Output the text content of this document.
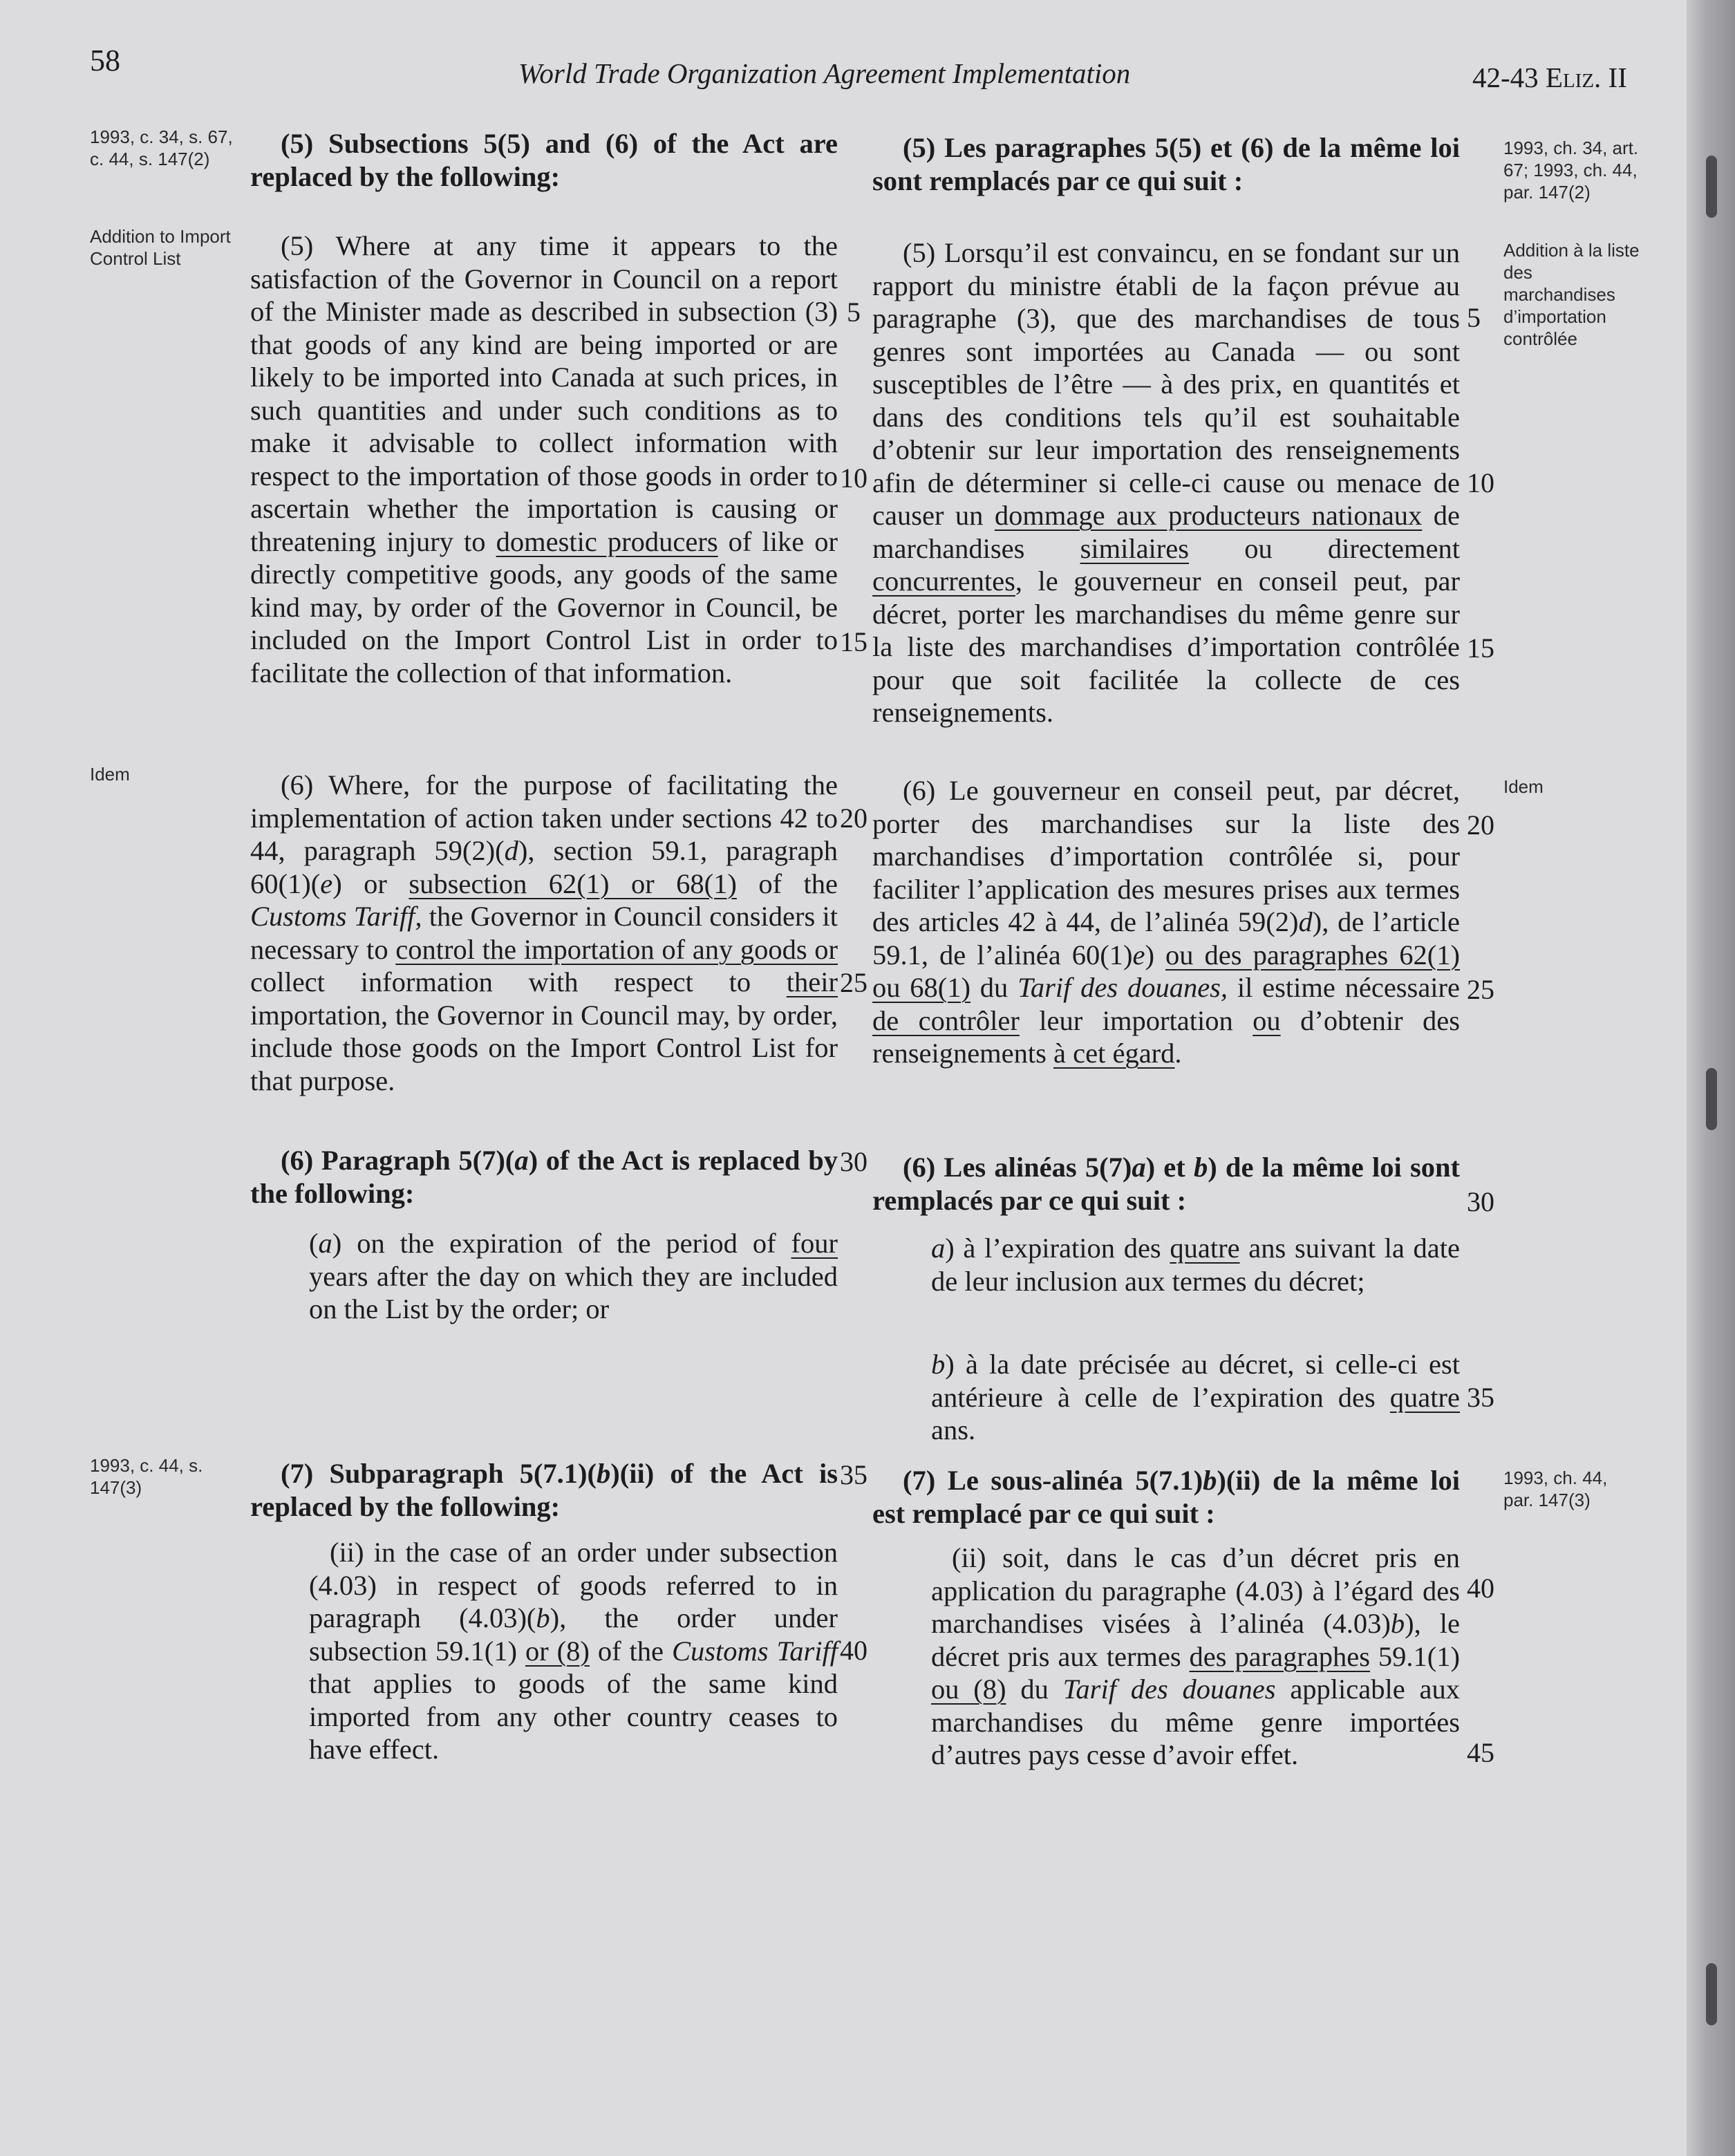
58	World Trade Organization Agreement Implementation	42-43 Eliz. II
1993, c. 34, s. 67, c. 44, s. 147(2)
Addition to Import Control List
Idem
1993, c. 44, s. 147(3)
1993, ch. 34, art. 67; 1993, ch. 44, par. 147(2)
Addition à la liste des marchandises d’importation contrôlée
Idem
1993, ch. 44, par. 147(3)

(5) Subsections 5(5) and (6) of the Act are replaced by the following:

(5) Where at any time it appears to the satisfaction of the Governor in Council on a report of the Minister made as described in subsection (3) that goods of any kind are being imported or are likely to be imported into Canada at such prices, in such quantities and under such conditions as to make it advisable to collect information with respect to the importation of those goods in order to ascertain whether the importation is causing or threatening injury to domestic producers of like or directly competitive goods, any goods of the same kind may, by order of the Governor in Council, be included on the Import Control List in order to facilitate the collection of that information.

(6) Where, for the purpose of facilitating the implementation of action taken under sections 42 to 44, paragraph 59(2)(d), section 59.1, paragraph 60(1)(e) or subsection 62(1) or 68(1) of the Customs Tariff, the Governor in Council considers it necessary to control the importation of any goods or collect information with respect to their importation, the Governor in Council may, by order, include those goods on the Import Control List for that purpose.

(6) Paragraph 5(7)(a) of the Act is replaced by the following:

(a) on the expiration of the period of four years after the day on which they are included on the List by the order; or

(7) Subparagraph 5(7.1)(b)(ii) of the Act is replaced by the following:

(ii) in the case of an order under subsection (4.03) in respect of goods referred to in paragraph (4.03)(b), the order under subsection 59.1(1) or (8) of the Customs Tariff that applies to goods of the same kind imported from any other country ceases to have effect.

(5) Les paragraphes 5(5) et (6) de la même loi sont remplacés par ce qui suit :

(5) Lorsqu’il est convaincu, en se fondant sur un rapport du ministre établi de la façon prévue au paragraphe (3), que des marchandises de tous genres sont importées au Canada — ou sont susceptibles de l’être — à des prix, en quantités et dans des conditions tels qu’il est souhaitable d’obtenir sur leur importation des renseignements afin de déterminer si celle-ci cause ou menace de causer un dommage aux producteurs nationaux de marchandises similaires ou directement concurrentes, le gouverneur en conseil peut, par décret, porter les marchandises du même genre sur la liste des marchandises d’importation contrôlée pour que soit facilitée la collecte de ces renseignements.

(6) Le gouverneur en conseil peut, par décret, porter des marchandises sur la liste des marchandises d’importation contrôlée si, pour faciliter l’application des mesures prises aux termes des articles 42 à 44, de l’alinéa 59(2)d), de l’article 59.1, de l’alinéa 60(1)e) ou des paragraphes 62(1) ou 68(1) du Tarif des douanes, il estime nécessaire de contrôler leur importation ou d’obtenir des renseignements à cet égard.

(6) Les alinéas 5(7)a) et b) de la même loi sont remplacés par ce qui suit :

a) à l’expiration des quatre ans suivant la date de leur inclusion aux termes du décret;

b) à la date précisée au décret, si celle-ci est antérieure à celle de l’expiration des quatre ans.

(7) Le sous-alinéa 5(7.1)b)(ii) de la même loi est remplacé par ce qui suit :

(ii) soit, dans le cas d’un décret pris en application du paragraphe (4.03) à l’égard des marchandises visées à l’alinéa (4.03)b), le décret pris aux termes des paragraphes 59.1(1) ou (8) du Tarif des douanes applicable aux marchandises du même genre importées d’autres pays cesse d’avoir effet.

5
10
15
20
25
30
35
40
5
10
15
20
25
30
35
40
45
